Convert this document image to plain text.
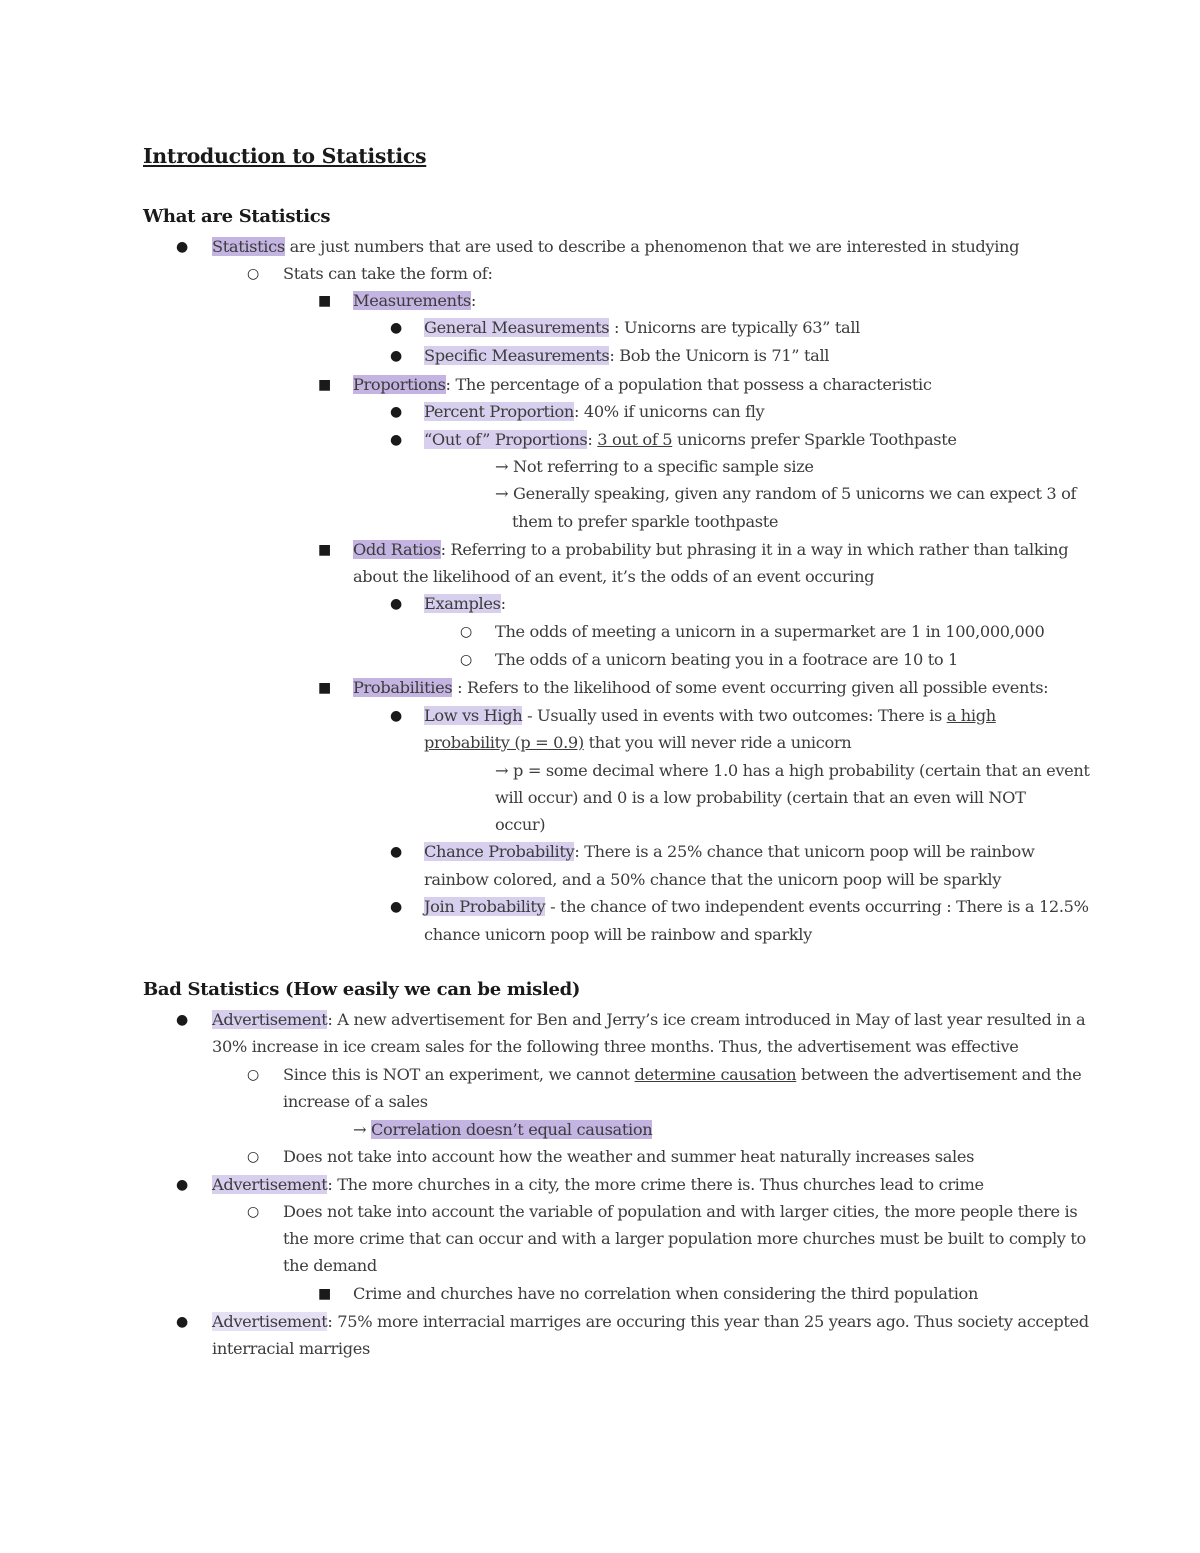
Introduction to Statistics
What are Statistics
● Statistics are just numbers that are used to describe a phenomenon that we are interested in studying
○ Stats can take the form of:
■ Measurements:
● General Measurements : Unicorns are typically 63” tall
● Specific Measurements: Bob the Unicorn is 71” tall
■ Proportions: The percentage of a population that possess a characteristic
● Percent Proportion: 40% if unicorns can fly
● “Out of” Proportions: 3 out of 5 unicorns prefer Sparkle Toothpaste
→ Not referring to a specific sample size
→ Generally speaking, given any random of 5 unicorns we can expect 3 of
them to prefer sparkle toothpaste
■ Odd Ratios: Referring to a probability but phrasing it in a way in which rather than talking
about the likelihood of an event, it’s the odds of an event occuring
● Examples:
○ The odds of meeting a unicorn in a supermarket are 1 in 100,000,000
○ The odds of a unicorn beating you in a footrace are 10 to 1
■ Probabilities : Refers to the likelihood of some event occurring given all possible events:
● Low vs High - Usually used in events with two outcomes: There is a high
probability (p = 0.9) that you will never ride a unicorn
→ p = some decimal where 1.0 has a high probability (certain that an event
will occur) and 0 is a low probability (certain that an even will NOT
occur)
● Chance Probability: There is a 25% chance that unicorn poop will be rainbow
rainbow colored, and a 50% chance that the unicorn poop will be sparkly
● Join Probability - the chance of two independent events occurring : There is a 12.5%
chance unicorn poop will be rainbow and sparkly
Bad Statistics (How easily we can be misled)
● Advertisement: A new advertisement for Ben and Jerry’s ice cream introduced in May of last year resulted in a
30% increase in ice cream sales for the following three months. Thus, the advertisement was effective
○ Since this is NOT an experiment, we cannot determine causation between the advertisement and the
increase of a sales
→ Correlation doesn’t equal causation
○ Does not take into account how the weather and summer heat naturally increases sales
● Advertisement: The more churches in a city, the more crime there is. Thus churches lead to crime
○ Does not take into account the variable of population and with larger cities, the more people there is
the more crime that can occur and with a larger population more churches must be built to comply to
the demand
■ Crime and churches have no correlation when considering the third population
● Advertisement: 75% more interracial marriges are occuring this year than 25 years ago. Thus society accepted
interracial marriges
